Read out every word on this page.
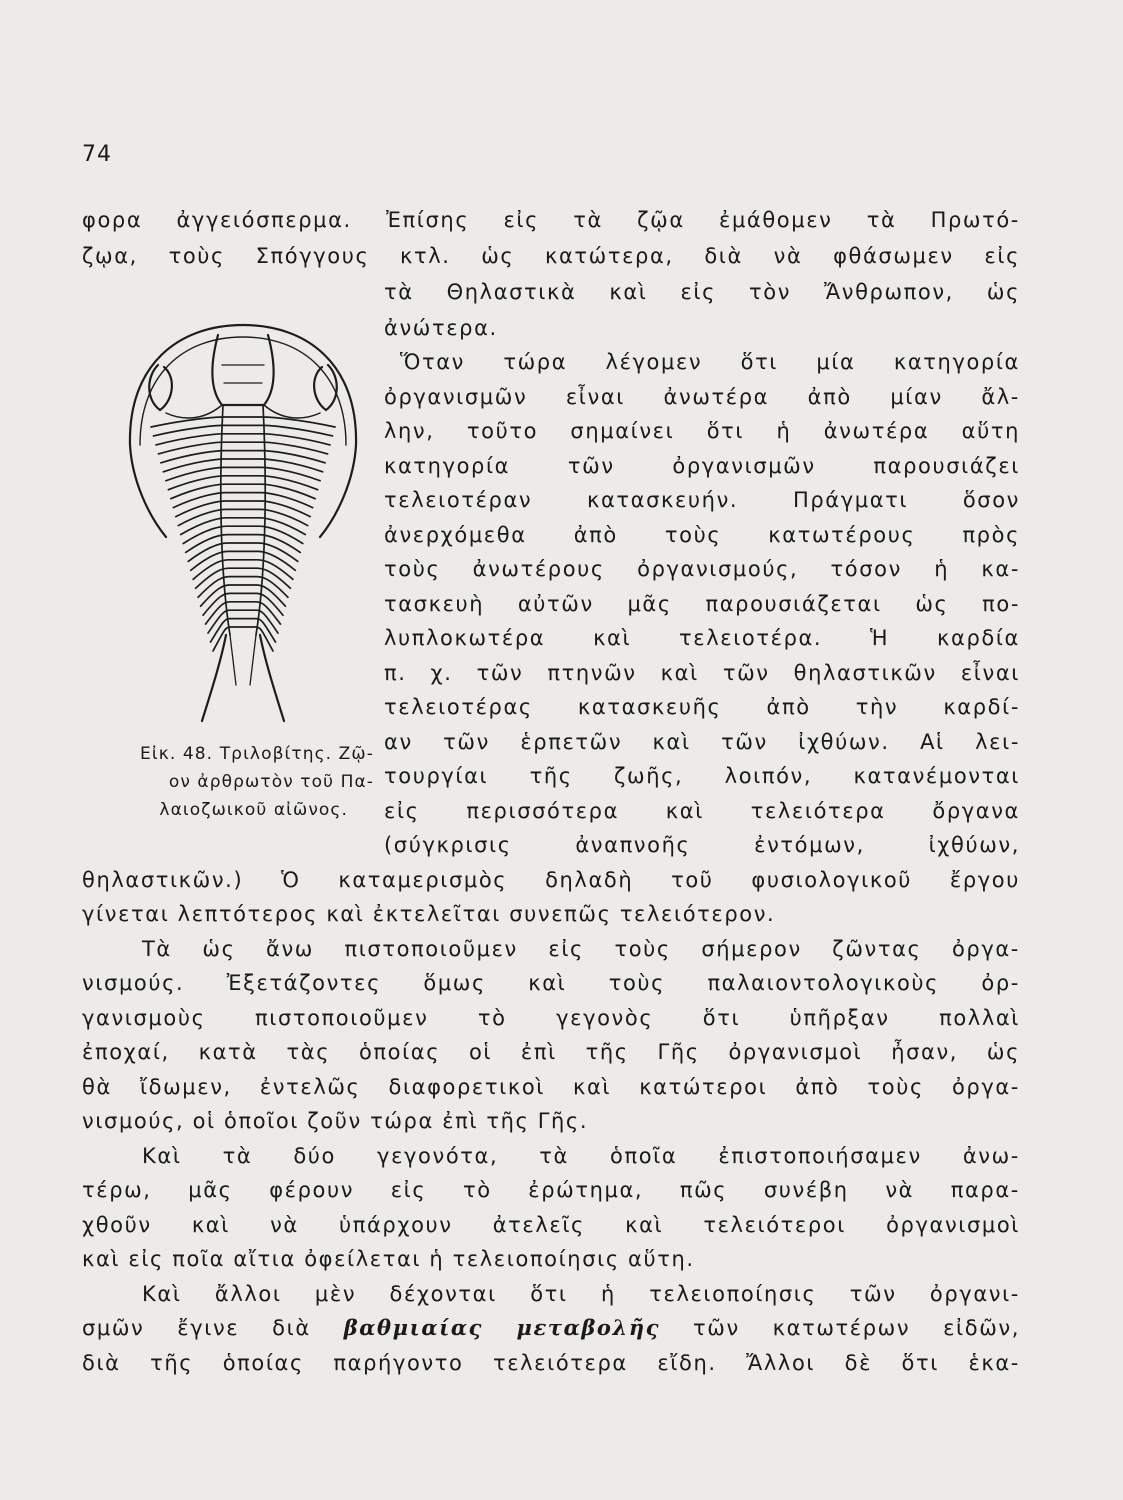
74
φορα ἀγγειόσπερμα. Ἐπίσης εἰς τὰ ζῷα ἐμάθομεν τὰ Πρωτό-
ζῳα, τοὺς Σπόγγους κτλ. ὡς κατώτερα, διὰ νὰ φθάσωμεν εἰς
τὰ Θηλαστικὰ καὶ εἰς τὸν Ἄνθρωπον, ὡς
ἀνώτερα.
Ὅταν τώρα λέγομεν ὅτι μία κατηγορία
ὀργανισμῶν εἶναι ἀνωτέρα ἀπὸ μίαν ἄλ-
λην, τοῦτο σημαίνει ὅτι ἡ ἀνωτέρα αὕτη
κατηγορία τῶν ὀργανισμῶν παρουσιάζει
τελειοτέραν κατασκευήν. Πράγματι ὅσον
ἀνερχόμεθα ἀπὸ τοὺς κατωτέρους πρὸς
τοὺς ἀνωτέρους ὀργανισμούς, τόσον ἡ κα-
τασκευὴ αὐτῶν μᾶς παρουσιάζεται ὡς πο-
λυπλοκωτέρα καὶ τελειοτέρα. Ἡ καρδία
π. χ. τῶν πτηνῶν καὶ τῶν θηλαστικῶν εἶναι
τελειοτέρας κατασκευῆς ἀπὸ τὴν καρδί-
αν τῶν ἑρπετῶν καὶ τῶν ἰχθύων. Αἱ λει-
τουργίαι τῆς ζωῆς, λοιπόν, κατανέμονται
εἰς περισσότερα καὶ τελειότερα ὄργανα
(σύγκρισις ἀναπνοῆς ἐντόμων, ἰχθύων,
Εἰκ. 48. Τριλοβίτης. Ζῷ-
ον ἀρθρωτὸν τοῦ Πα-
λαιοζωικοῦ αἰῶνος.
θηλαστικῶν.) Ὁ καταμερισμὸς δηλαδὴ τοῦ φυσιολογικοῦ ἔργου
γίνεται λεπτότερος καὶ ἐκτελεῖται συνεπῶς τελειότερον.
Τὰ ὡς ἄνω πιστοποιοῦμεν εἰς τοὺς σήμερον ζῶντας ὀργα-
νισμούς. Ἐξετάζοντες ὅμως καὶ τοὺς παλαιοντολογικοὺς ὀρ-
γανισμοὺς πιστοποιοῦμεν τὸ γεγονὸς ὅτι ὑπῆρξαν πολλαὶ
ἐποχαί, κατὰ τὰς ὁποίας οἱ ἐπὶ τῆς Γῆς ὀργανισμοὶ ἦσαν, ὡς
θὰ ἴδωμεν, ἐντελῶς διαφορετικοὶ καὶ κατώτεροι ἀπὸ τοὺς ὀργα-
νισμούς, οἱ ὁποῖοι ζοῦν τώρα ἐπὶ τῆς Γῆς.
Καὶ τὰ δύο γεγονότα, τὰ ὁποῖα ἐπιστοποιήσαμεν ἀνω-
τέρω, μᾶς φέρουν εἰς τὸ ἐρώτημα, πῶς συνέβη νὰ παρα-
χθοῦν καὶ νὰ ὑπάρχουν ἀτελεῖς καὶ τελειότεροι ὀργανισμοὶ
καὶ εἰς ποῖα αἴτια ὀφείλεται ἡ τελειοποίησις αὕτη.
Καὶ ἄλλοι μὲν δέχονται ὅτι ἡ τελειοποίησις τῶν ὀργανι-
σμῶν ἔγινε διὰ βαθμιαίας μεταβολῆς τῶν κατωτέρων εἰδῶν,
διὰ τῆς ὁποίας παρήγοντο τελειότερα εἴδη. Ἄλλοι δὲ ὅτι ἑκα-
